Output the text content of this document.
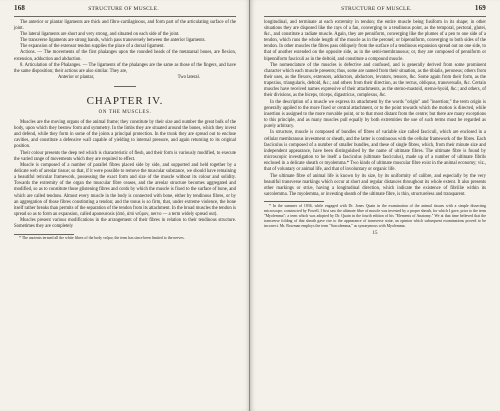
168	STRUCTURE OF MUSCLE.

The anterior or plantar ligaments are thick and fibro-cartilaginous, and form part of the articulating surface of the joint.

The lateral ligaments are short and very strong, and situated on each side of the joint.

The transverse ligaments are strong bands, which pass transversely between the anterior ligaments.

The expansion of the extensor tendon supplies the place of a dorsal ligament.

Actions. — The movements of the first phalanges upon the rounded heads of the metatarsal bones, are flexion, extension, adduction and abduction.

8. Articulation of the Phalanges. — The ligaments of the phalanges are the same as those of the fingers, and have the same disposition; their actions are also similar. They are,

Anterior or plantar,	Two lateral.
CHAPTER IV.
ON THE MUSCLES.

Muscles are the moving organs of the animal frame; they constitute by their size and number the great bulk of the body, upon which they bestow form and symmetry. In the limbs they are situated around the bones, which they invest and defend, while they form in some of the joints a principal protection. In the trunk they are spread out to enclose cavities, and constitute a defensive wall capable of yielding to internal pressure, and again returning to its original position.

Their colour presents the deep red which is characteristic of flesh, and their form is variously modified, to execute the varied range of movements which they are required to effect.

Muscle is composed of a number of parallel fibres placed side by side, and supported and held together by a delicate web of areolar tissue; so that, if it were possible to remove the muscular substance, we should have remaining a beautiful reticular framework, possessing the exact form and size of the muscle without its colour and solidity. Towards the extremity of the organ the muscular fibre ceases, and the areolar structure becomes aggregated and modified, so as to constitute those glistening fibres and cords by which the muscle is fixed to the surface of bone, and which are called tendons. Almost every muscle in the body is connected with bone, either by tendinous fibres, or by an aggregation of those fibres constituting a tendon; and the tonus is so firm, that, under extreme violence, the bone itself rather breaks than permits of the separation of the tendon from its attachment. In the broad muscles the tendon is spread so as to form an expansion, called aponeurosis (ἀπό, ἀπό νεῦρον, nervo — a term widely spread out).

Muscles present various modifications in the arrangement of their fibres in relation to their tendinous structure. Sometimes they are completely

* The ancients termed all the white fibres of the body νεῦρα; the term has since been limited to the nerves.

STRUCTURE OF MUSCLE.	169

longitudinal, and terminate at each extremity in tendon; the entire muscle being fusiform in its shape; in other situations they are disposed like the rays of a fan, converging to a tendinous point, as the temporal, pectoral, glutei, &c., and constitute a radiate muscle. Again, they are penniform, converging like the plumes of a pen to one side of a tendon, which runs the whole length of the muscle as in the peronei; or bipenniform, converging to both sides of the tendon. In other muscles the fibres pass obliquely from the surface of a tendinous expansion spread out on one side, to that of another extended on the opposite side, as in the semi-membranosus; or, they are composed of penniform or bipenniform fasciculi as in the deltoid, and constitute a compound muscle.

The nomenclature of the muscles is defective and confused, and is generally derived from some prominent character which each muscle presents; thus, some are named from their situation, as the tibialis, peroneus; others from their uses, as the flexors, extensors, adductors, abductors, levators, tensors, &c. Some again from their form, as the trapezius, triangularis, deltoid, &c.; and others from their direction, as the rectus, obliquus, transversalis, &c. Certain muscles have received names expressive of their attachments, as the sterno-mastoid, sterno-hyoid, &c.; and others, of their divisions, as the biceps, triceps, digastricus, complexus, &c.

In the description of a muscle we express its attachment by the words "origin" and "insertion;" the term origin is generally applied to the more fixed or central attachment, or to the point towards which the motion is directed, while insertion is assigned to the more movable point, or to that most distant from the centre; but there are many exceptions to this principle, and as many muscles pull equally by both extremities the use of such terms must be regarded as purely arbitrary.

In structure, muscle is composed of bundles of fibres of variable size called fasciculi, which are enclosed in a cellular membranous investment or sheath, and the latter is continuous with the cellular framework of the fibres. Each fasciculus is composed of a number of smaller bundles, and these of single fibres, which, from their minute size and independent appearance, have been distinguished by the name of ultimate fibres. The ultimate fibre is found by microscopic investigation to be itself a fasciculus (ultimate fasciculus), made up of a number of ultimate fibrils enclosed in a delicate sheath or myolemma.* Two kinds of ultimate muscular fibre exist in the animal economy; viz., that of voluntary or animal life, and that of involuntary or organic life.

The ultimate fibre of animal life is known by its size, by its uniformity of calibre, and especially by the very beautiful transverse markings which occur at short and regular distances throughout its whole extent. It also presents other markings or striæ, having a longitudinal direction, which indicate the existence of fibrillæ within its sarcolemma. The myolemma, or investing sheath of the ultimate fibre, is thin, structureless and transparent.

* In the summer of 1836, while engaged with Dr. Jones Quain in the examination of the animal tissues with a simple dissecting microscope, constructed by Powell, I first saw the ultimate fibre of muscle was invested by a proper sheath, for which I gave, prior to the term "Myolemma"; a term which was adopted by Dr. Quain in the fourth edition of his "Elements of Anatomy." We at that time believed that the transverse folding of that sheath gave rise to the appearance of transverse striæ, an opinion which subsequent examinations proved to be incorrect. Mr. Bowman employs the term "Sarcolemma," as synonymous with Myolemma.

15
